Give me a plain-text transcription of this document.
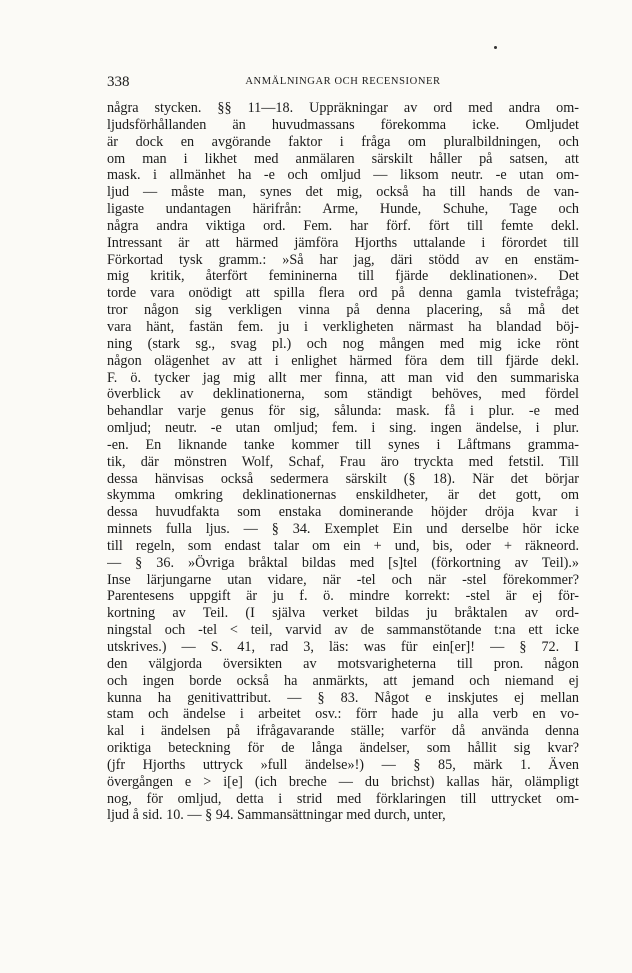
338	ANMÄLNINGAR OCH RECENSIONER
några stycken. §§ 11—18. Uppräkningar av ord med andra om-
ljudsförhållanden än huvudmassans förekomma icke. Omljudet
är dock en avgörande faktor i fråga om pluralbildningen, och
om man i likhet med anmälaren särskilt håller på satsen, att
mask. i allmänhet ha -e och omljud — liksom neutr. -e utan om-
ljud — måste man, synes det mig, också ha till hands de van-
ligaste undantagen härifrån: Arme, Hunde, Schuhe, Tage och
några andra viktiga ord. Fem. har förf. fört till femte dekl.
Intressant är att härmed jämföra Hjorths uttalande i förordet till
Förkortad tysk gramm.: »Så har jag, däri stödd av en enstäm-
mig kritik, återfört femininerna till fjärde deklinationen». Det
torde vara onödigt att spilla flera ord på denna gamla tvistefråga;
tror någon sig verkligen vinna på denna placering, så må det
vara hänt, fastän fem. ju i verkligheten närmast ha blandad böj-
ning (stark sg., svag pl.) och nog mången med mig icke rönt
någon olägenhet av att i enlighet härmed föra dem till fjärde dekl.
F. ö. tycker jag mig allt mer finna, att man vid den summariska
överblick av deklinationerna, som ständigt behöves, med fördel
behandlar varje genus för sig, sålunda: mask. få i plur. -e med
omljud; neutr. -e utan omljud; fem. i sing. ingen ändelse, i plur.
-en. En liknande tanke kommer till synes i Låftmans gramma-
tik, där mönstren Wolf, Schaf, Frau äro tryckta med fetstil. Till
dessa hänvisas också sedermera särskilt (§ 18). När det börjar
skymma omkring deklinationernas enskildheter, är det gott, om
dessa huvudfakta som enstaka dominerande höjder dröja kvar i
minnets fulla ljus. — § 34. Exemplet Ein und derselbe hör icke
till regeln, som endast talar om ein + und, bis, oder + räkneord.
— § 36. »Övriga bråktal bildas med [s]tel (förkortning av Teil).»
Inse lärjungarne utan vidare, när -tel och när -stel förekommer?
Parentesens uppgift är ju f. ö. mindre korrekt: -stel är ej för-
kortning av Teil. (I själva verket bildas ju bråktalen av ord-
ningstal och -tel < teil, varvid av de sammanstötande t:na ett icke
utskrives.) — S. 41, rad 3, läs: was für ein[er]! — § 72. I
den välgjorda översikten av motsvarigheterna till pron. någon
och ingen borde också ha anmärkts, att jemand och niemand ej
kunna ha genitivattribut. — § 83. Något e inskjutes ej mellan
stam och ändelse i arbeitet osv.: förr hade ju alla verb en vo-
kal i ändelsen på ifrågavarande ställe; varför då använda denna
oriktiga beteckning för de långa ändelser, som hållit sig kvar?
(jfr Hjorths uttryck »full ändelse»!) — § 85, märk 1. Även
övergången e > i[e] (ich breche — du brichst) kallas här, olämpligt
nog, för omljud, detta i strid med förklaringen till uttrycket om-
ljud å sid. 10. — § 94. Sammansättningar med durch, unter,
